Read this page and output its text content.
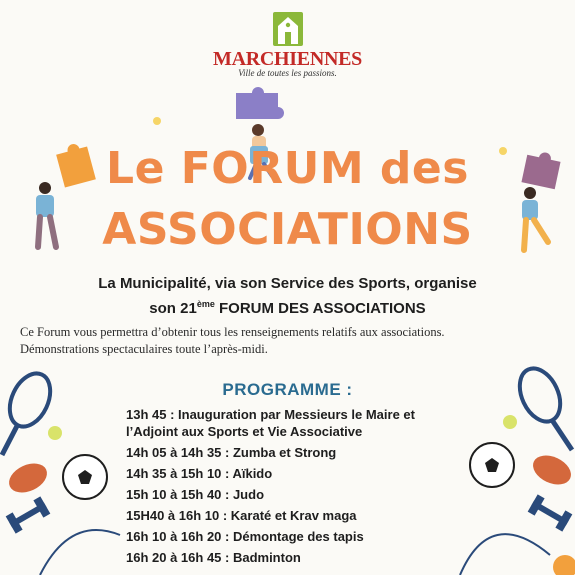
MARCHIENNES
Ville de toutes les passions.
Le FORUM des
ASSOCIATIONS
La Municipalité, via son Service des Sports, organise
son 21ème FORUM DES ASSOCIATIONS
Ce Forum vous permettra d’obtenir tous les renseignements relatifs aux associations.
Démonstrations spectaculaires toute l’après-midi.
PROGRAMME :
13h 45 : Inauguration par Messieurs le Maire et l’Adjoint aux Sports et Vie Associative
14h 05 à 14h 35 : Zumba et Strong
14h 35 à 15h 10 : Aïkido
15h 10 à 15h 40 : Judo
15H40 à 16h 10 : Karaté et Krav maga
16h 10 à 16h 20 : Démontage des tapis
16h 20 à 16h 45 : Badminton
